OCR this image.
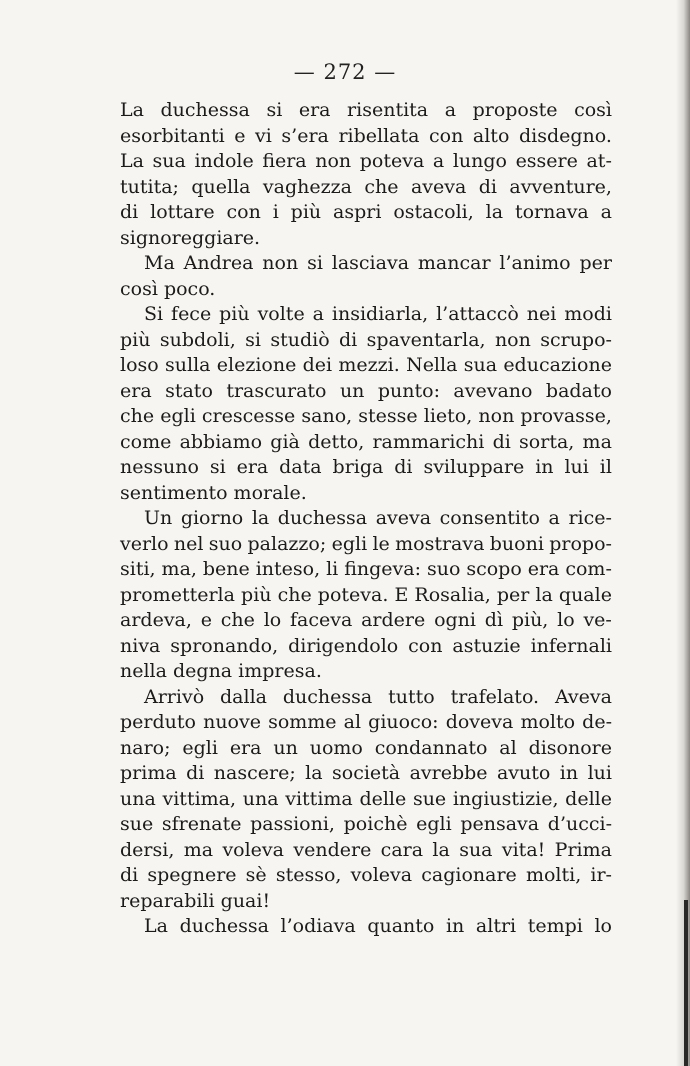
— 272 —
La duchessa si era risentita a proposte così
esorbitanti e vi s’era ribellata con alto disdegno.
La sua indole fiera non poteva a lungo essere at-
tutita; quella vaghezza che aveva di avventure,
di lottare con i più aspri ostacoli, la tornava a
signoreggiare.
Ma Andrea non si lasciava mancar l’animo per
così poco.
Si fece più volte a insidiarla, l’attaccò nei modi
più subdoli, si studiò di spaventarla, non scrupo-
loso sulla elezione dei mezzi. Nella sua educazione
era stato trascurato un punto: avevano badato
che egli crescesse sano, stesse lieto, non provasse,
come abbiamo già detto, rammarichi di sorta, ma
nessuno si era data briga di sviluppare in lui il
sentimento morale.
Un giorno la duchessa aveva consentito a rice-
verlo nel suo palazzo; egli le mostrava buoni propo-
siti, ma, bene inteso, li fingeva: suo scopo era com-
prometterla più che poteva. E Rosalia, per la quale
ardeva, e che lo faceva ardere ogni dì più, lo ve-
niva spronando, dirigendolo con astuzie infernali
nella degna impresa.
Arrivò dalla duchessa tutto trafelato. Aveva
perduto nuove somme al giuoco: doveva molto de-
naro; egli era un uomo condannato al disonore
prima di nascere; la società avrebbe avuto in lui
una vittima, una vittima delle sue ingiustizie, delle
sue sfrenate passioni, poichè egli pensava d’ucci-
dersi, ma voleva vendere cara la sua vita! Prima
di spegnere sè stesso, voleva cagionare molti, ir-
reparabili guai!
La duchessa l’odiava quanto in altri tempi lo
